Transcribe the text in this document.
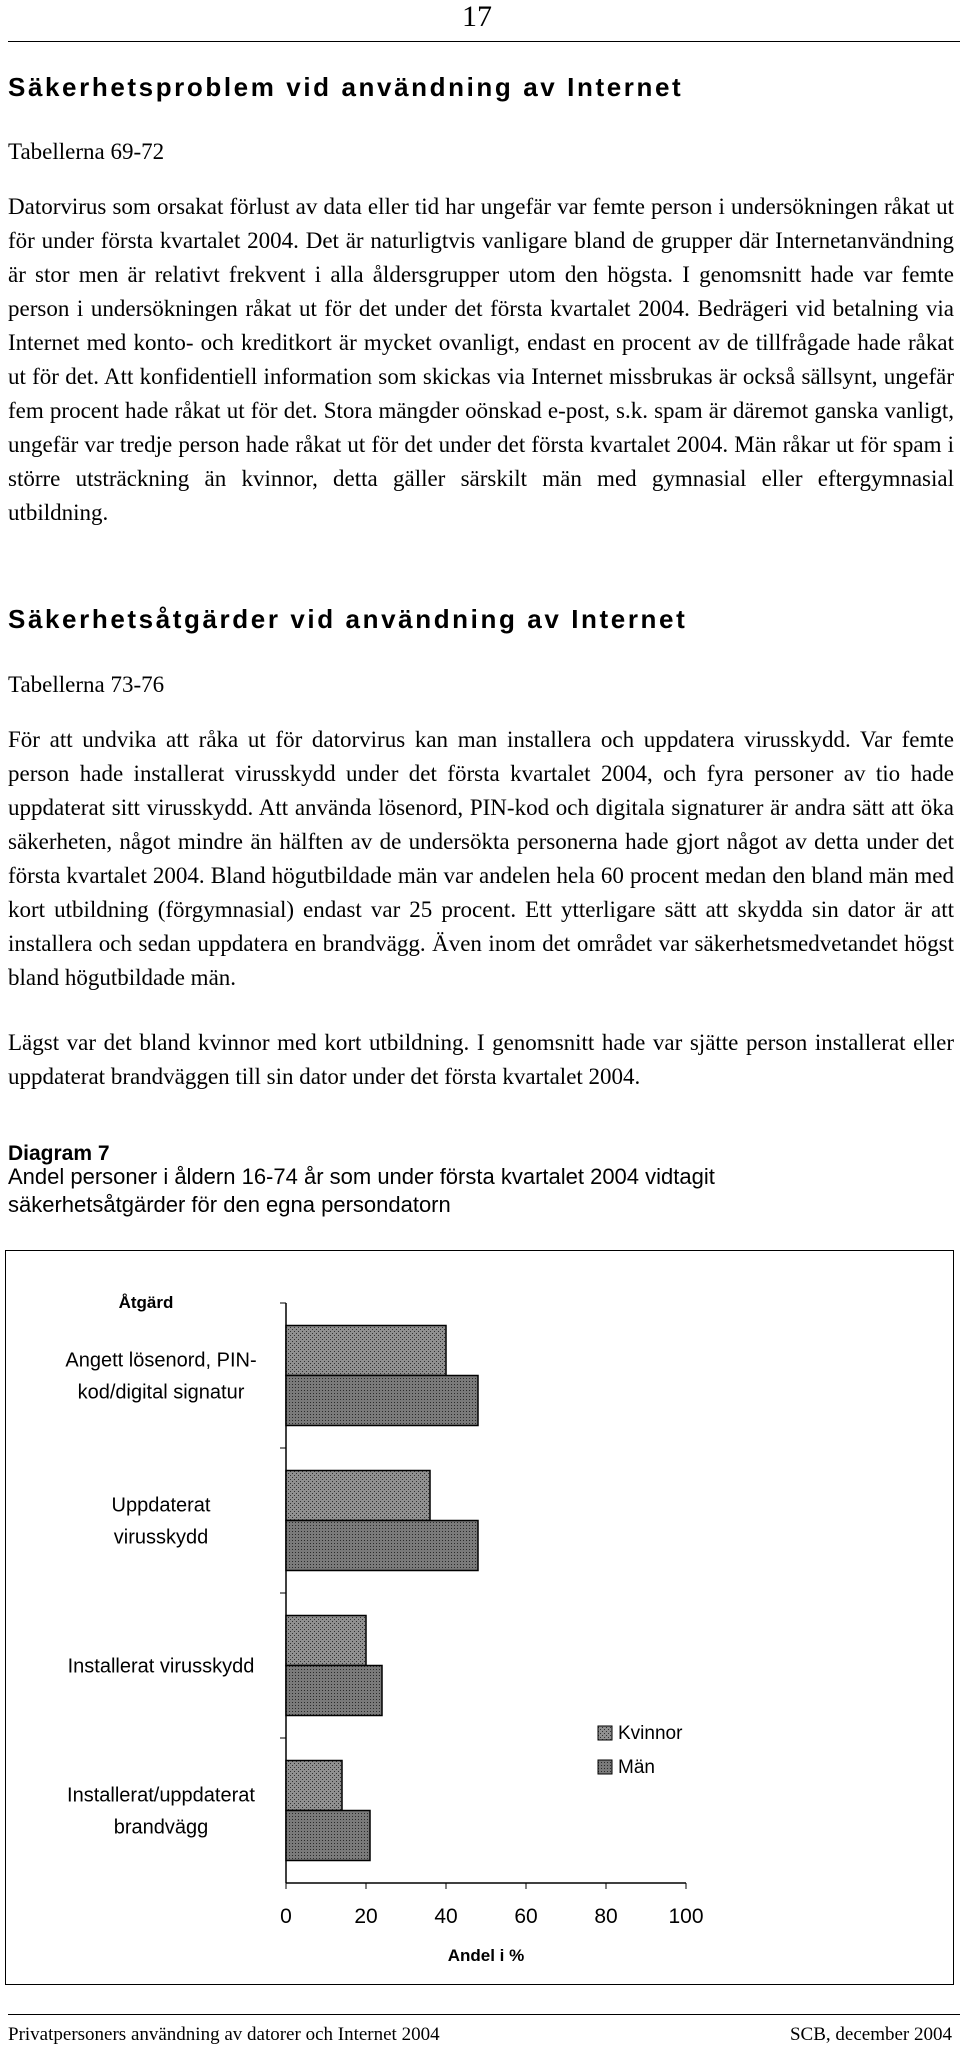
17
Säkerhetsproblem vid användning av Internet

Tabellerna 69-72

Datorvirus som orsakat förlust av data eller tid har ungefär var femte person i undersökningen råkat ut för under första kvartalet 2004. Det är naturligtvis vanligare bland de grupper där Internetanvändning är stor men är relativt frekvent i alla åldersgrupper utom den högsta. I genomsnitt hade var femte person i undersökningen råkat ut för det under det första kvartalet 2004. Bedrägeri vid betalning via Internet med konto- och kreditkort är mycket ovanligt, endast en procent av de tillfrågade hade råkat ut för det. Att konfidentiell information som skickas via Internet missbrukas är också sällsynt, ungefär fem procent hade råkat ut för det. Stora mängder oönskad e-post, s.k. spam är däremot ganska vanligt, ungefär var tredje person hade råkat ut för det under det första kvartalet 2004. Män råkar ut för spam i större utsträckning än kvinnor, detta gäller särskilt män med gymnasial eller eftergymnasial utbildning.

Säkerhetsåtgärder vid användning av Internet

Tabellerna 73-76

För att undvika att råka ut för datorvirus kan man installera och uppdatera virusskydd. Var femte person hade installerat virusskydd under det första kvartalet 2004, och fyra personer av tio hade uppdaterat sitt virusskydd. Att använda lösenord, PIN-kod och digitala signaturer är andra sätt att öka säkerheten, något mindre än hälften av de undersökta personerna hade gjort något av detta under det första kvartalet 2004. Bland högutbildade män var andelen hela 60 procent medan den bland män med kort utbildning (förgymnasial) endast var 25 procent. Ett ytterligare sätt att skydda sin dator är att installera och sedan uppdatera en brandvägg. Även inom det området var säkerhetsmedvetandet högst bland högutbildade män.

Lägst var det bland kvinnor med kort utbildning. I genomsnitt hade var sjätte person installerat eller uppdaterat brandväggen till sin dator under det första kvartalet 2004.

Diagram 7

Andel personer i åldern 16-74 år som under första kvartalet 2004 vidtagit säkerhetsåtgärder för den egna persondatorn

Åtgärd
0	20	40	60	80 100
Andel i %
Angett lösenord, PIN-
kod/digital signatur
Uppdaterat
virusskydd
Installerat virusskydd
Installerat/uppdaterat
brandvägg
Kvinnor
Män

Privatpersoners användning av datorer och Internet 2004	SCB, december 2004
